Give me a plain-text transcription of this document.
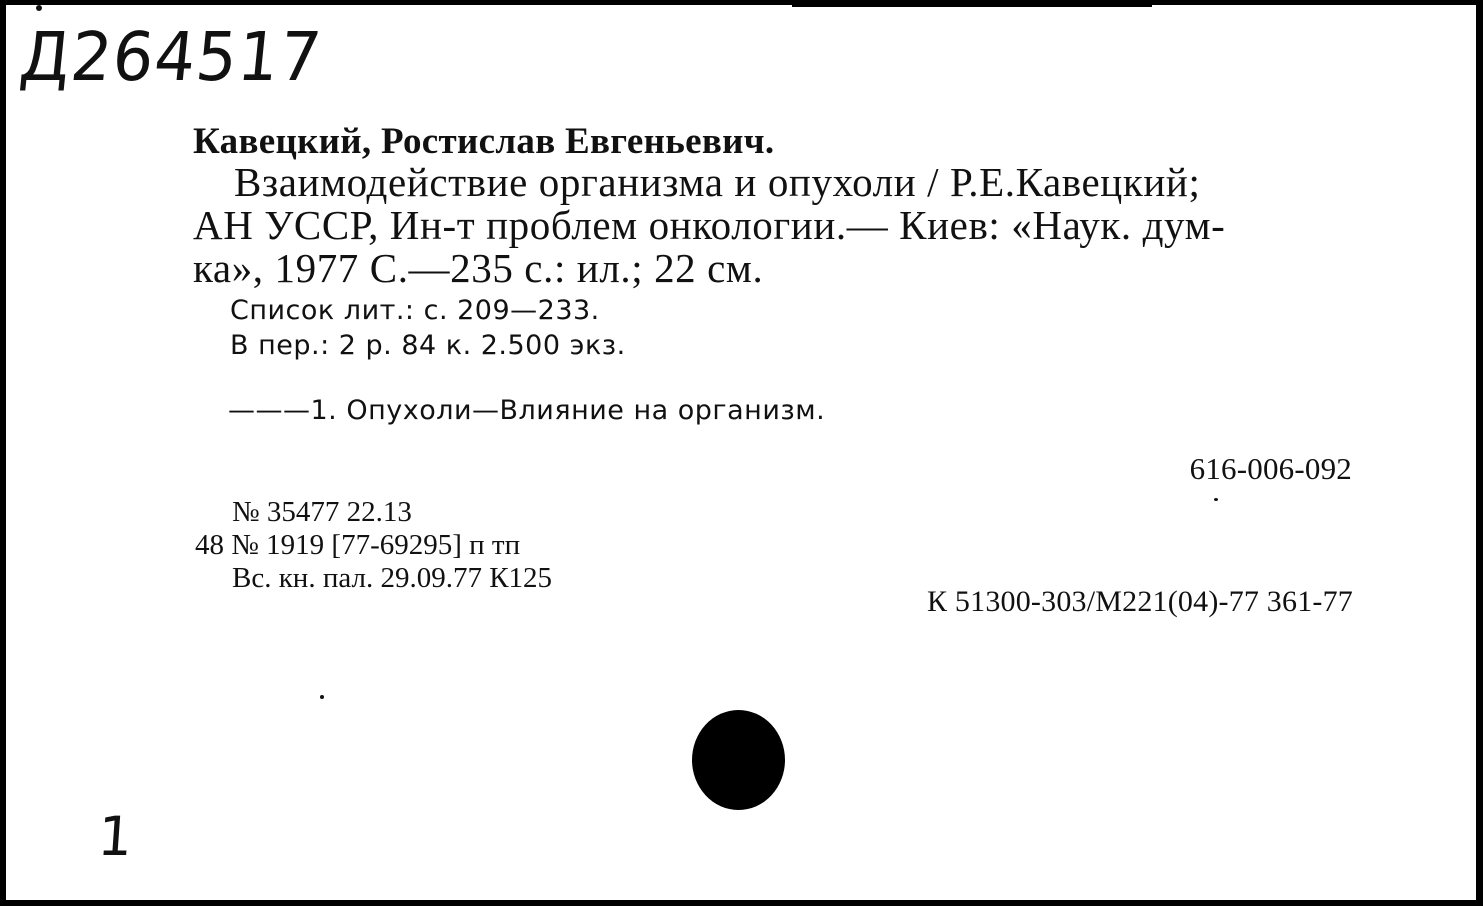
Д264517
Кавецкий, Ростислав Евгеньевич.
Взаимодействие организма и опухоли / Р.Е.Кавецкий;
АН УССР, Ин-т проблем онкологии.— Киев: «Наук. дум-
ка», 1977 С.—235 с.: ил.; 22 см.
Список лит.: с. 209—233.
В пер.: 2 р. 84 к. 2.500 экз.
———1. Опухоли—Влияние на организм.
616-006-092
№ 35477 22.13
48 № 1919 [77-69295] п тп
Вс. кн. пал. 29.09.77 К125
К 51300-303/М221(04)-77 361-77
1
